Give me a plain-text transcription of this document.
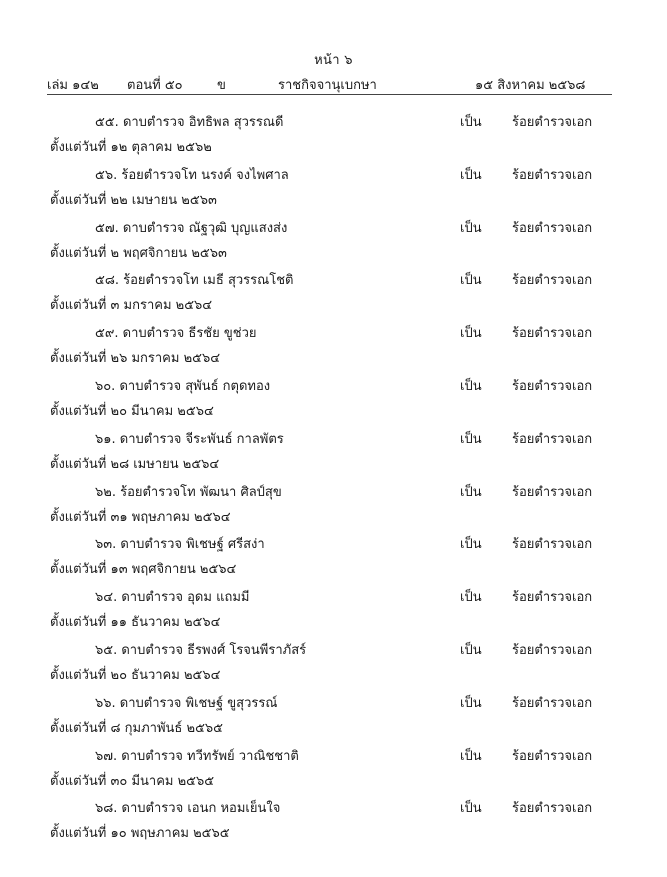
หน้า ๖
เล่ม ๑๔๒ ตอนที่ ๕๐	ข	ราชกิจจานุเบกษา	๑๕ สิงหาคม ๒๕๖๘
๕๕. ดาบตำรวจ อิทธิพล สุวรรณดี	เป็น ร้อยตำรวจเอก
ตั้งแต่วันที่ ๑๒ ตุลาคม ๒๕๖๒
๕๖. ร้อยตำรวจโท นรงค์ จงไพศาล	เป็น ร้อยตำรวจเอก
ตั้งแต่วันที่ ๒๒ เมษายน ๒๕๖๓
๕๗. ดาบตำรวจ ณัฐวุฒิ บุญแสงส่ง	เป็น ร้อยตำรวจเอก
ตั้งแต่วันที่ ๒ พฤศจิกายน ๒๕๖๓
๕๘. ร้อยตำรวจโท เมธี สุวรรณโชติ	เป็น ร้อยตำรวจเอก
ตั้งแต่วันที่ ๓ มกราคม ๒๕๖๔
๕๙. ดาบตำรวจ ธีรชัย ขูช่วย	เป็น ร้อยตำรวจเอก
ตั้งแต่วันที่ ๒๖ มกราคม ๒๕๖๔
๖๐. ดาบตำรวจ สุพันธ์ กตุดทอง	เป็น ร้อยตำรวจเอก
ตั้งแต่วันที่ ๒๐ มีนาคม ๒๕๖๔
๖๑. ดาบตำรวจ จีระพันธ์ กาลพัตร	เป็น ร้อยตำรวจเอก
ตั้งแต่วันที่ ๒๘ เมษายน ๒๕๖๔
๖๒. ร้อยตำรวจโท พัฒนา ศิลป์สุข	เป็น ร้อยตำรวจเอก
ตั้งแต่วันที่ ๓๑ พฤษภาคม ๒๕๖๔
๖๓. ดาบตำรวจ พิเชษฐ์ ศรีสง่า	เป็น ร้อยตำรวจเอก
ตั้งแต่วันที่ ๑๓ พฤศจิกายน ๒๕๖๔
๖๔. ดาบตำรวจ อุดม แถมมี	เป็น ร้อยตำรวจเอก
ตั้งแต่วันที่ ๑๑ ธันวาคม ๒๕๖๔
๖๕. ดาบตำรวจ ธีรพงศ์ โรจนพีราภัสร์	เป็น ร้อยตำรวจเอก
ตั้งแต่วันที่ ๒๐ ธันวาคม ๒๕๖๔
๖๖. ดาบตำรวจ พิเชษฐ์ ขูสุวรรณ์	เป็น ร้อยตำรวจเอก
ตั้งแต่วันที่ ๘ กุมภาพันธ์ ๒๕๖๕
๖๗. ดาบตำรวจ ทวีทรัพย์ วาณิชชาติ	เป็น ร้อยตำรวจเอก
ตั้งแต่วันที่ ๓๐ มีนาคม ๒๕๖๕
๖๘. ดาบตำรวจ เอนก หอมเย็นใจ	เป็น ร้อยตำรวจเอก
ตั้งแต่วันที่ ๑๐ พฤษภาคม ๒๕๖๕
